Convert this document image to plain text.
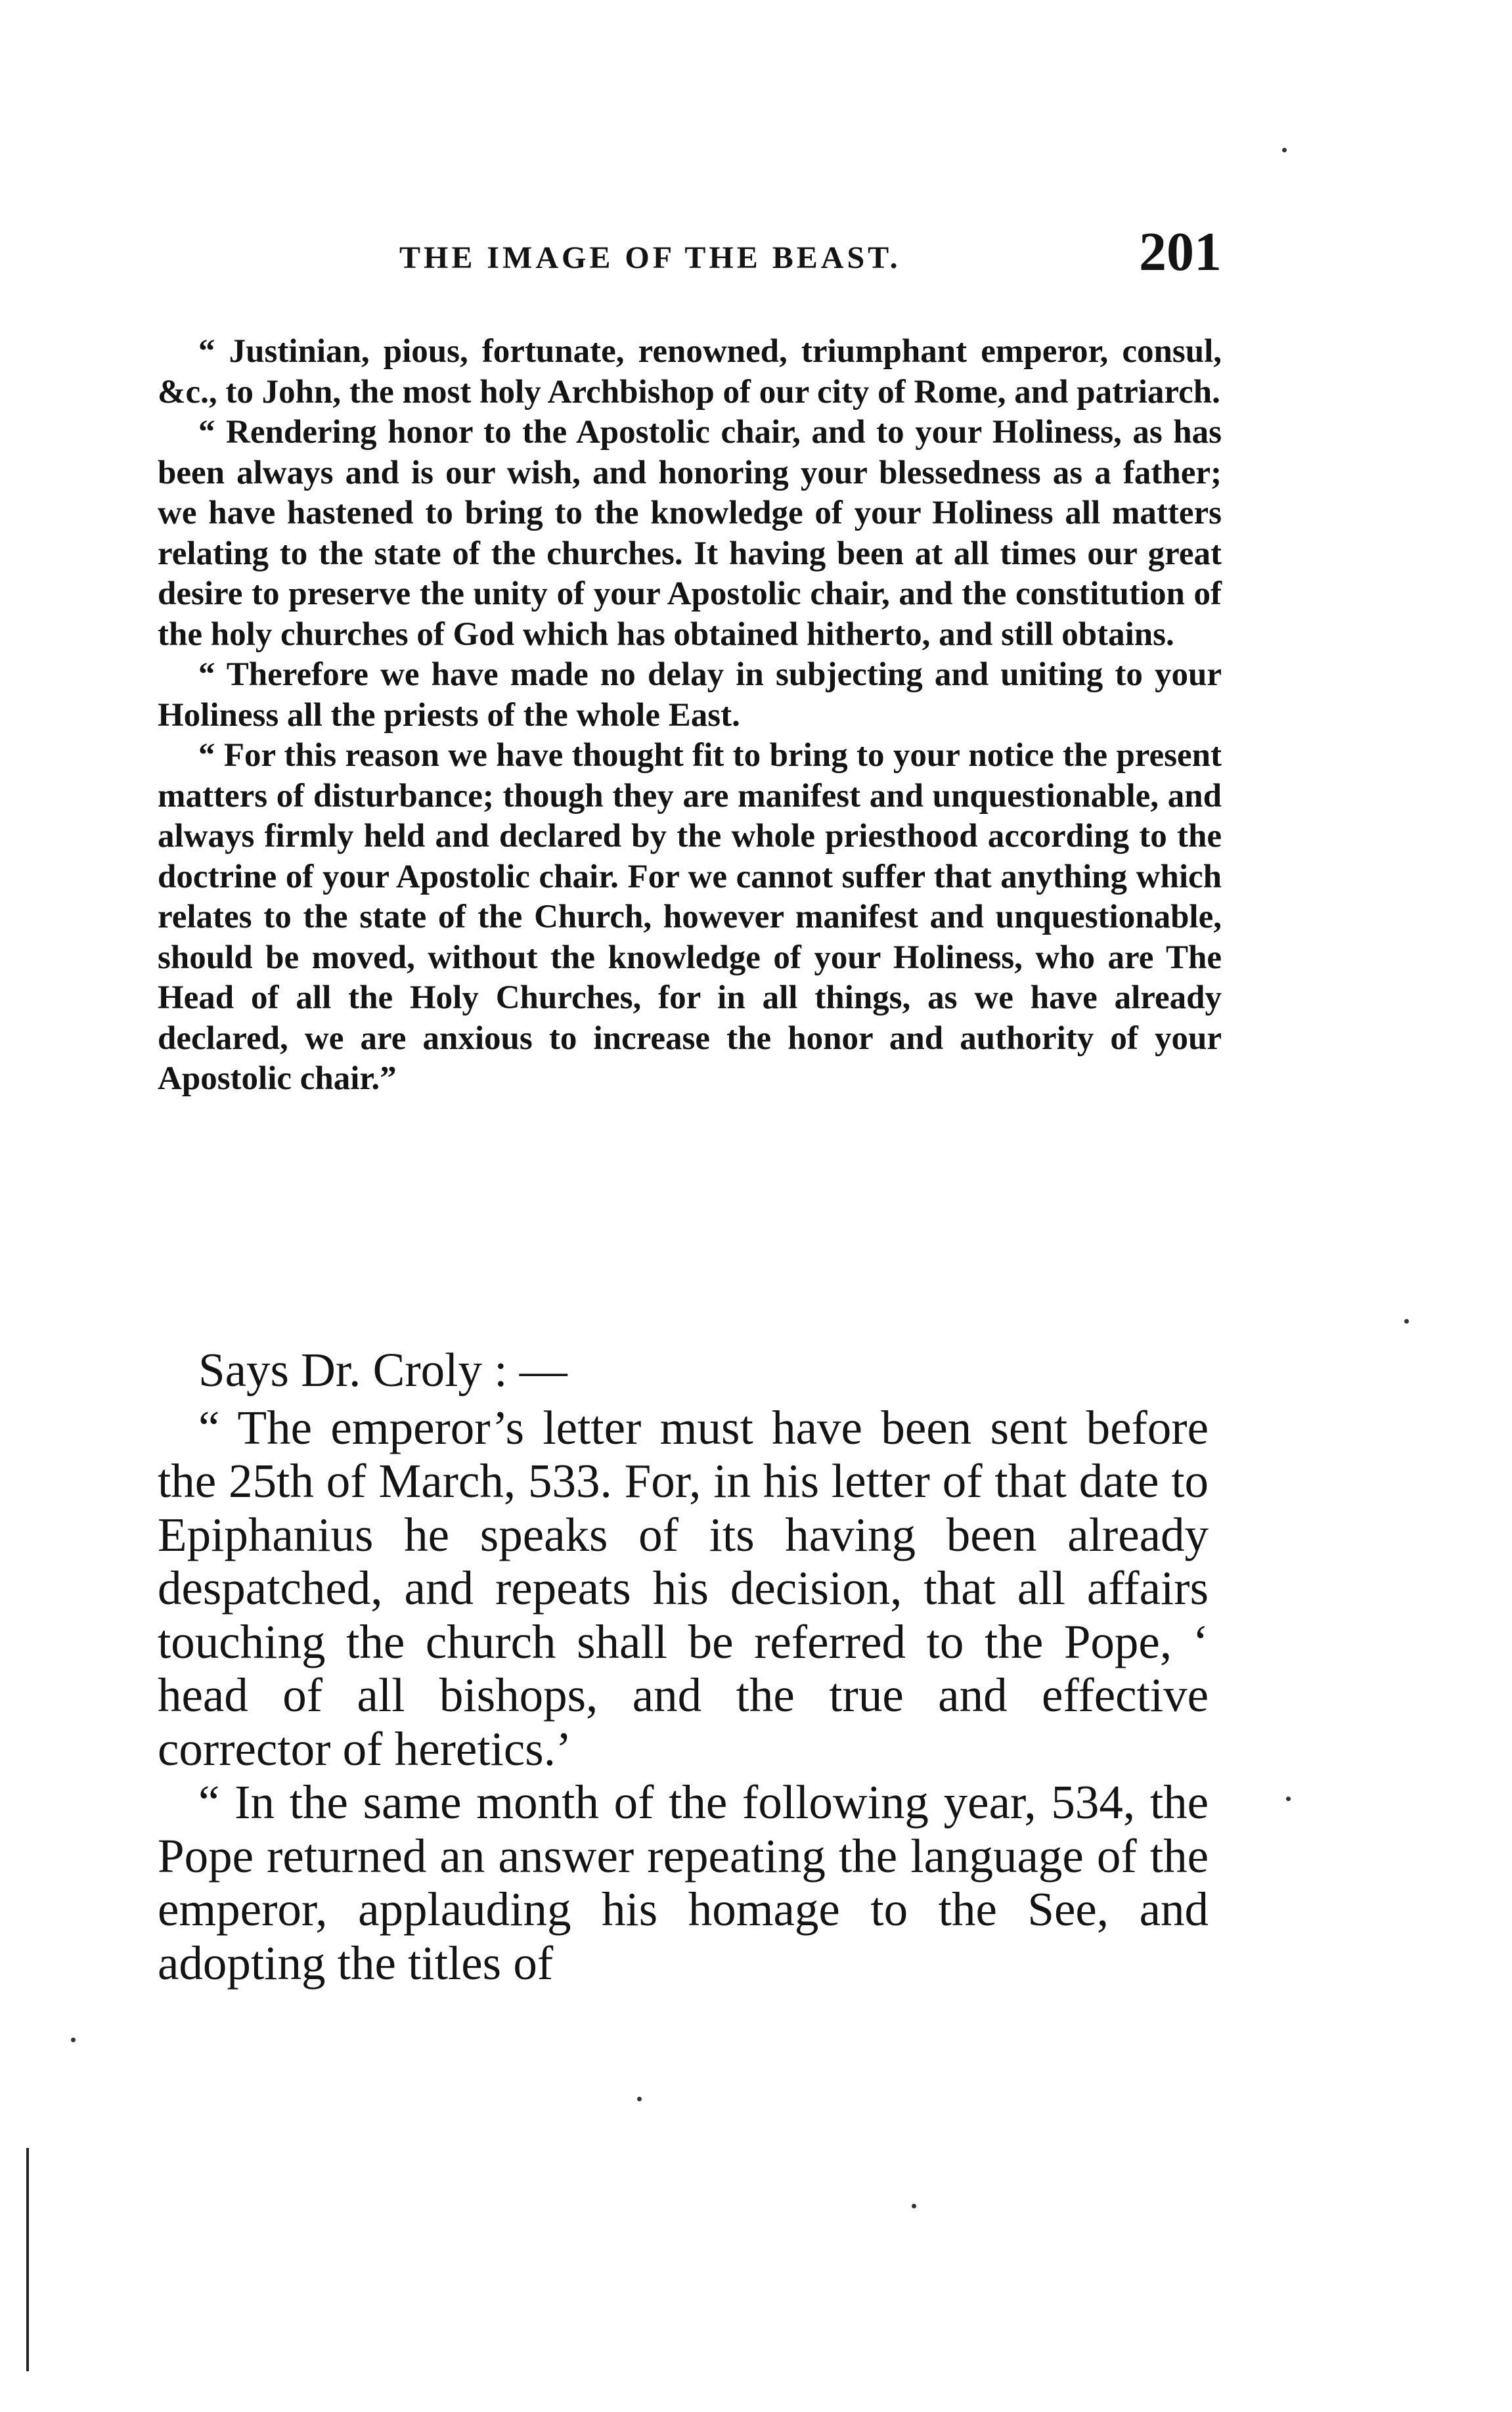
THE IMAGE OF THE BEAST.	201

“ Justinian, pious, fortunate, renowned, triumphant emperor, consul, &c., to John, the most holy Archbishop of our city of Rome, and patriarch.

“ Rendering honor to the Apostolic chair, and to your Holiness, as has been always and is our wish, and honoring your blessedness as a father; we have hastened to bring to the knowledge of your Holiness all matters relating to the state of the churches. It having been at all times our great desire to preserve the unity of your Apostolic chair, and the constitution of the holy churches of God which has obtained hitherto, and still obtains.

“ Therefore we have made no delay in subjecting and uniting to your Holiness all the priests of the whole East.

“ For this reason we have thought fit to bring to your notice the present matters of disturbance; though they are manifest and unquestionable, and always firmly held and declared by the whole priesthood according to the doctrine of your Apostolic chair. For we cannot suffer that anything which relates to the state of the Church, however manifest and unquestionable, should be moved, without the knowledge of your Holiness, who are The Head of all the Holy Churches, for in all things, as we have already declared, we are anxious to increase the honor and authority of your Apostolic chair.”

Says Dr. Croly : —

“ The emperor’s letter must have been sent before the 25th of March, 533. For, in his letter of that date to Epiphanius he speaks of its having been already despatched, and repeats his decision, that all affairs touching the church shall be referred to the Pope, ‘ head of all bishops, and the true and effective corrector of heretics.’

“ In the same month of the following year, 534, the Pope returned an answer repeating the language of the emperor, applauding his homage to the See, and adopting the titles of
